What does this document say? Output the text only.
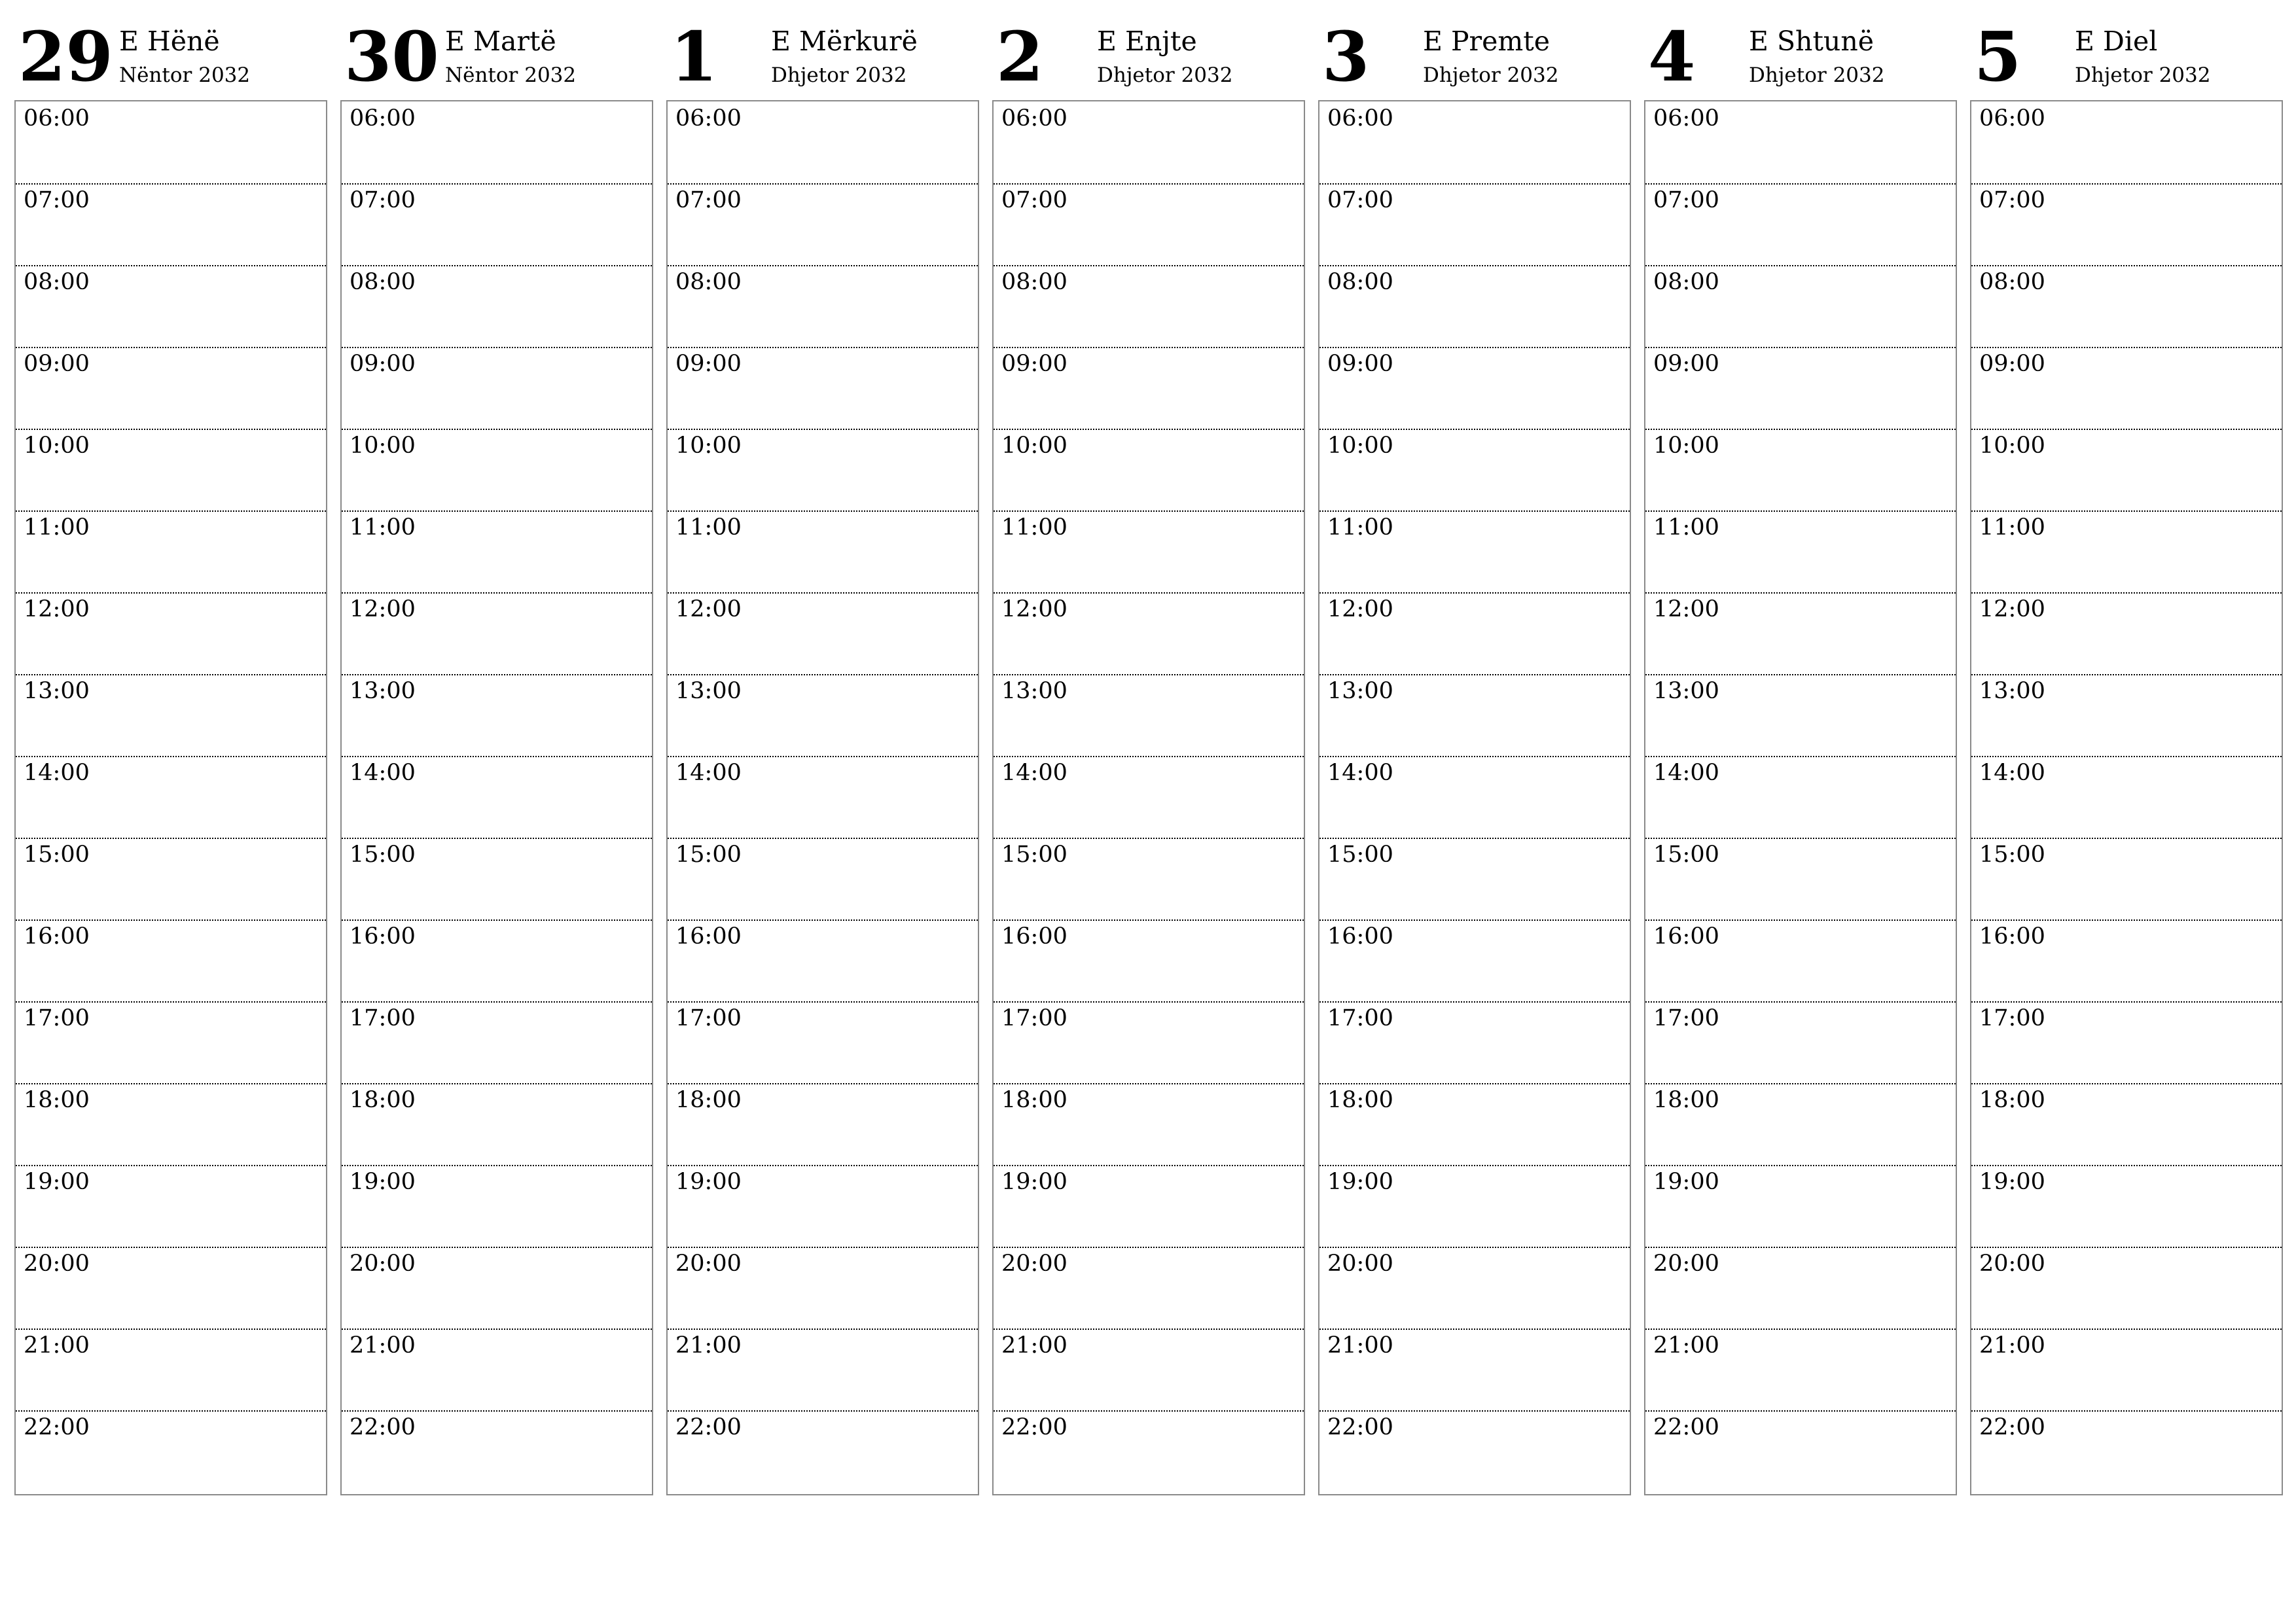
29 E Hënë
Nëntor 2032
06:00
07:00
08:00
09:00
10:00
11:00
12:00
13:00
14:00
15:00
16:00
17:00
18:00
19:00
20:00
21:00
22:00
30 E Martë
Nëntor 2032
06:00
07:00
08:00
09:00
10:00
11:00
12:00
13:00
14:00
15:00
16:00
17:00
18:00
19:00
20:00
21:00
22:00
1 E Mërkurë
Dhjetor 2032
06:00
07:00
08:00
09:00
10:00
11:00
12:00
13:00
14:00
15:00
16:00
17:00
18:00
19:00
20:00
21:00
22:00
2 E Enjte
Dhjetor 2032
06:00
07:00
08:00
09:00
10:00
11:00
12:00
13:00
14:00
15:00
16:00
17:00
18:00
19:00
20:00
21:00
22:00
3 E Premte
Dhjetor 2032
06:00
07:00
08:00
09:00
10:00
11:00
12:00
13:00
14:00
15:00
16:00
17:00
18:00
19:00
20:00
21:00
22:00
4 E Shtunë
Dhjetor 2032
06:00
07:00
08:00
09:00
10:00
11:00
12:00
13:00
14:00
15:00
16:00
17:00
18:00
19:00
20:00
21:00
22:00
5 E Diel
Dhjetor 2032
06:00
07:00
08:00
09:00
10:00
11:00
12:00
13:00
14:00
15:00
16:00
17:00
18:00
19:00
20:00
21:00
22:00
